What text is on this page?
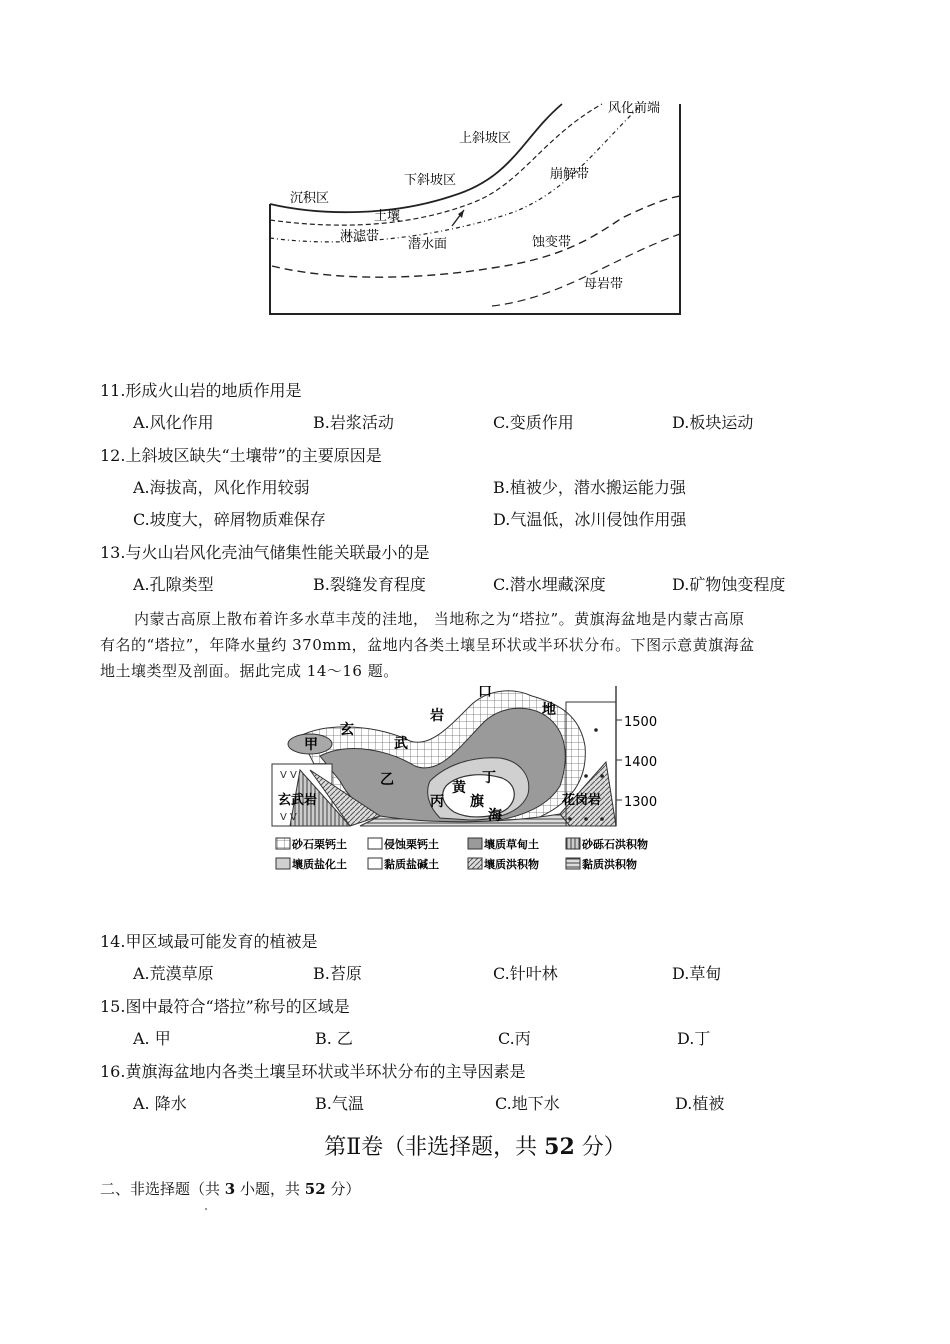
风化前端
上斜坡区
下斜坡区	崩解带
沉积区
土壤
淋滤带
潜水面	蚀变带
母岩带
11.形成火山岩的地质作用是
A.风化作用	B.岩浆活动	C.变质作用	D.板块运动
12.上斜坡区缺失“土壤带”的主要原因是
A.海拔高，风化作用较弱	B.植被少，潜水搬运能力强
C.坡度大，碎屑物质难保存	D.气温低，冰川侵蚀作用强
13.与火山岩风化壳油气储集性能关联最小的是
A.孔隙类型	B.裂缝发育程度	C.潜水埋藏深度	D.矿物蚀变程度
内蒙古高原上散布着许多水草丰茂的洼地， 当地称之为“塔拉”。黄旗海盆地是内蒙古高原
有名的“塔拉”，年降水量约 370mm，盆地内各类土壤呈环状或半环状分布。下图示意黄旗海盆
地土壤类型及剖面。据此完成 14～16 题。
1500
1400
1300
V V
V V
甲
玄
武
岩
口
地
乙	丁
黄
旗
海
丙
玄武岩	花岗岩
砂石栗钙土	侵蚀栗钙土	壤质草甸土	砂砾石洪积物
壤质盐化土	黏质盐碱土	壤质洪积物	黏质洪积物
14.甲区域最可能发育的植被是
A.荒漠草原	B.苔原	C.针叶林	D.草甸
15.图中最符合“塔拉”称号的区域是
A. 甲	B. 乙	C.丙	D.丁
16.黄旗海盆地内各类土壤呈环状或半环状分布的主导因素是
A. 降水	B.气温	C.地下水	D.植被
第Ⅱ卷（非选择题，共 52 分）
二、非选择题（共 3 小题，共 52 分）
